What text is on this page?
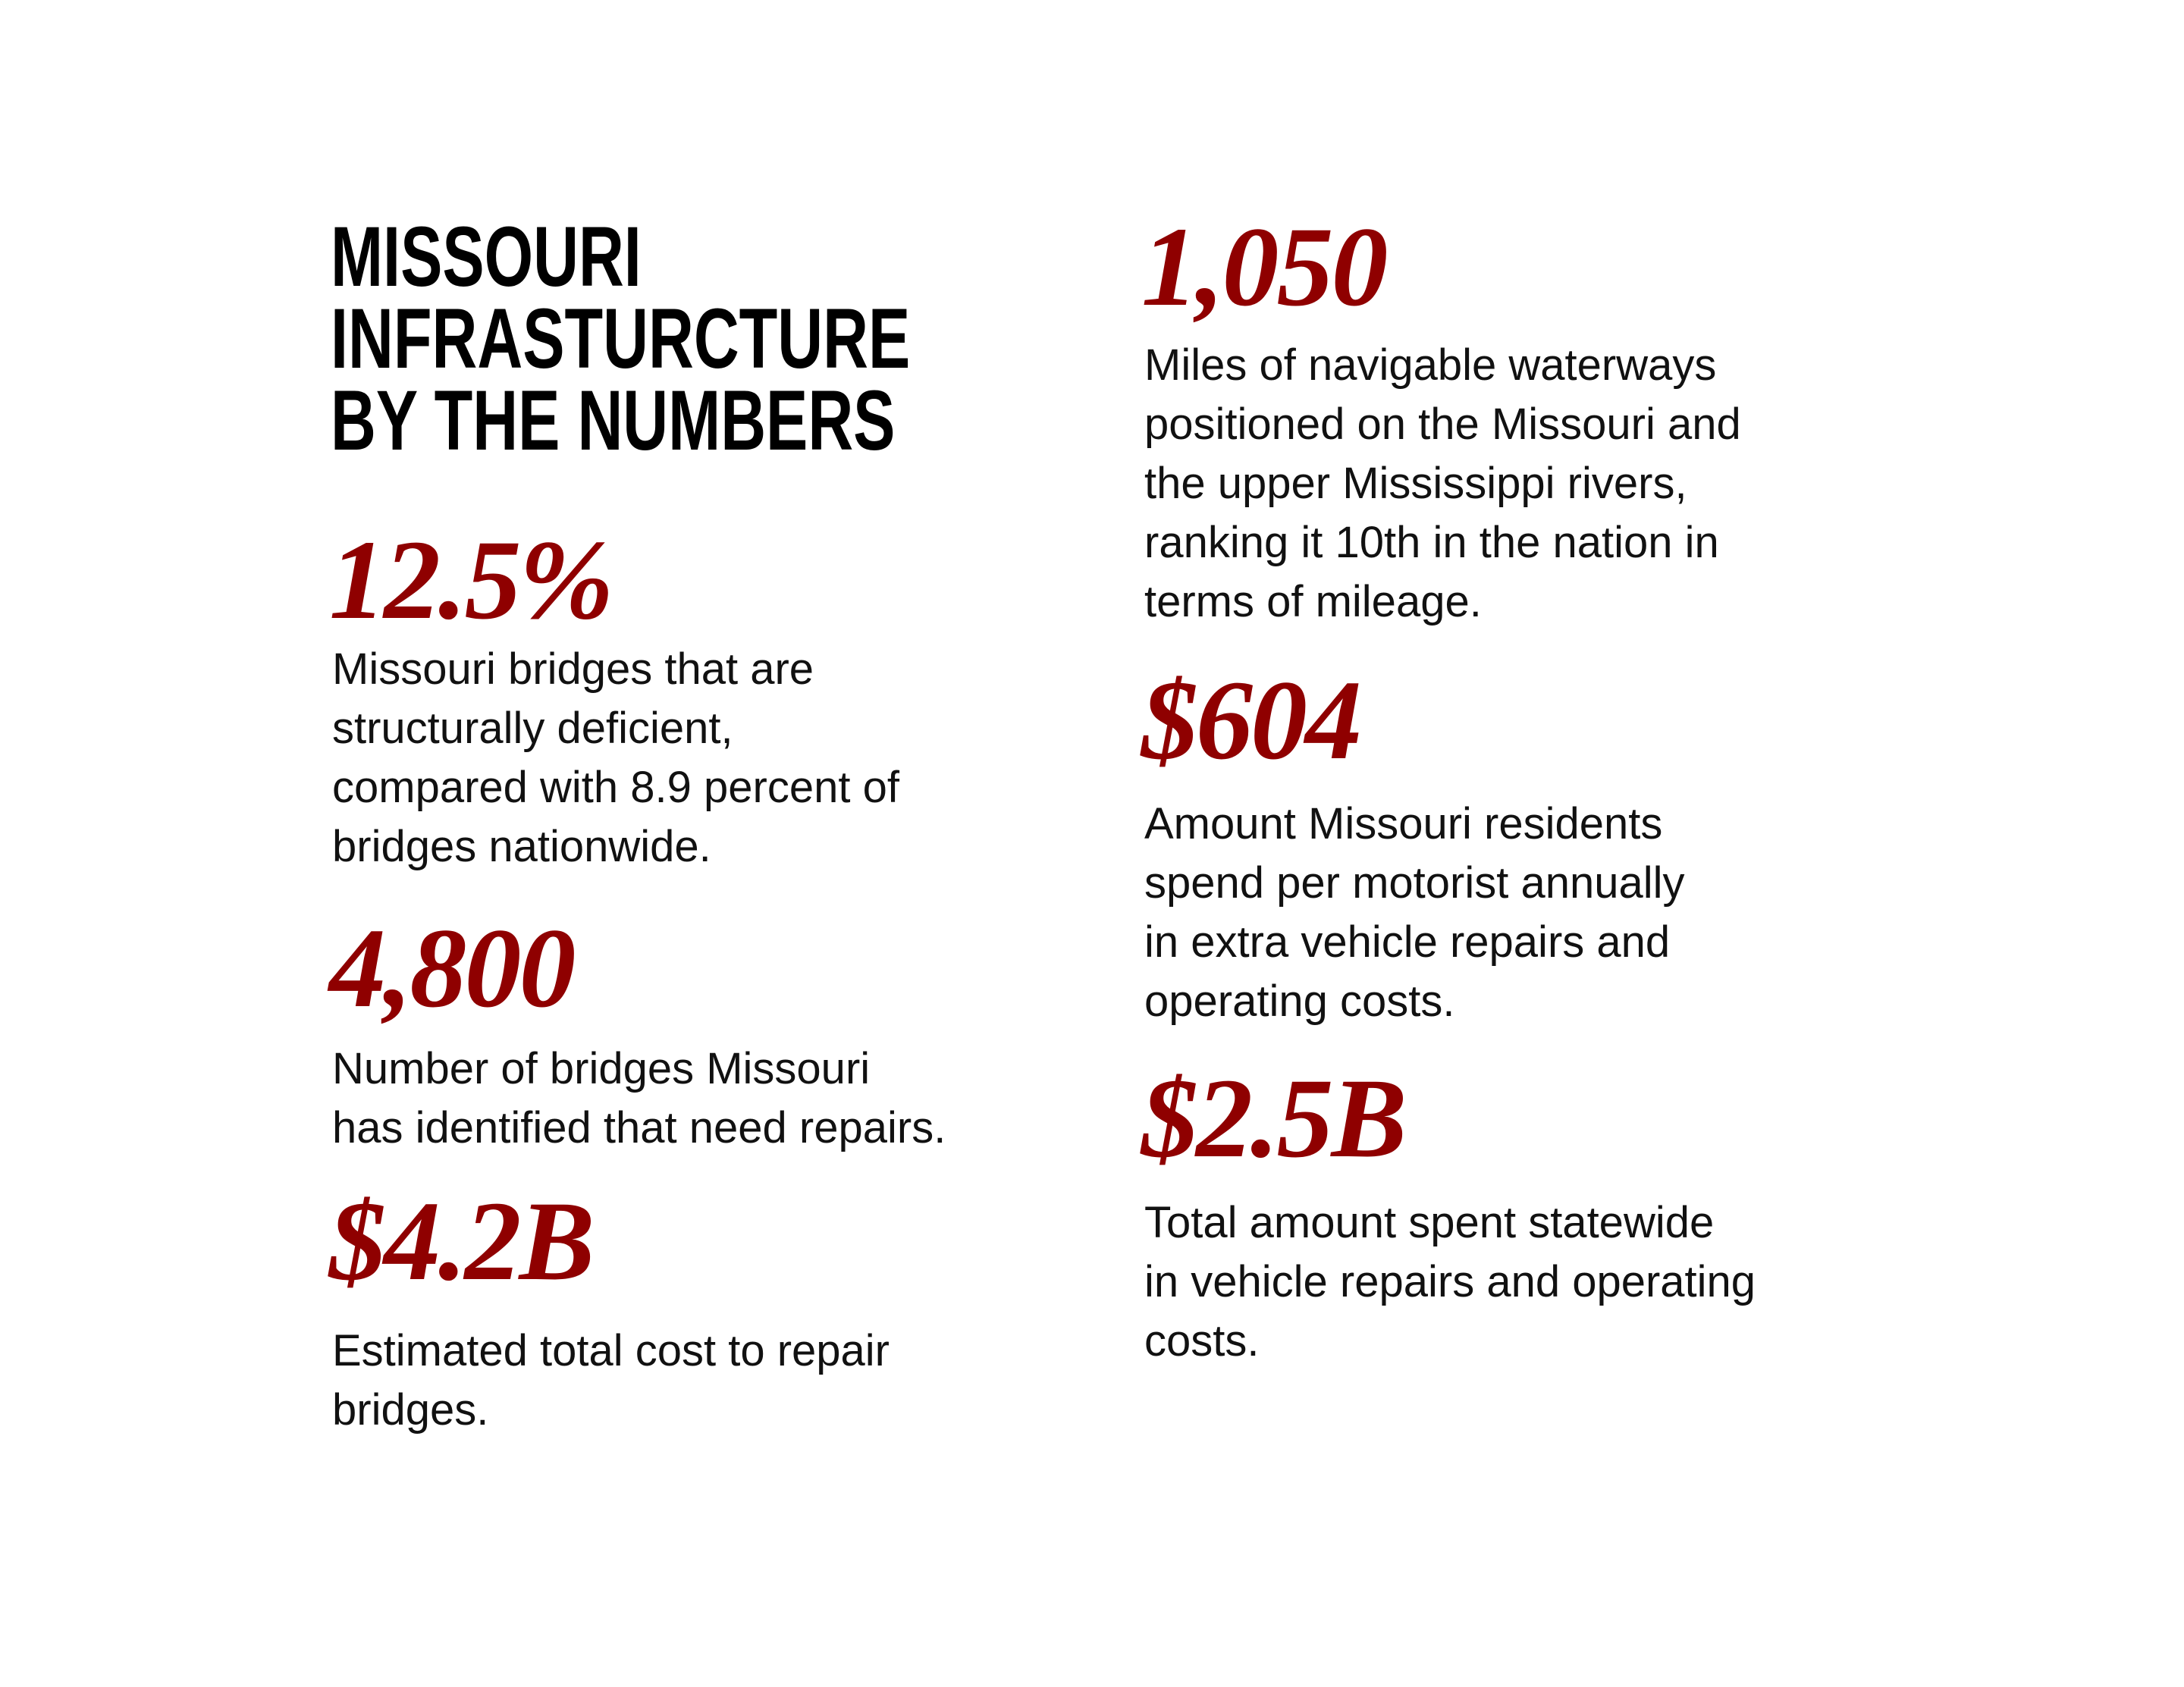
MISSOURI
INFRASTURCTURE
BY THE NUMBERS
12.5%
Missouri bridges that are
structurally deficient,
compared with 8.9 percent of
bridges nationwide.
4,800
Number of bridges Missouri
has identified that need repairs.
$4.2B
Estimated total cost to repair
bridges.
1,050
Miles of navigable waterways
positioned on the Missouri and
the upper Mississippi rivers,
ranking it 10th in the nation in
terms of mileage.
$604
Amount Missouri residents
spend per motorist annually
in extra vehicle repairs and
operating costs.
$2.5B
Total amount spent statewide
in vehicle repairs and operating
costs.
